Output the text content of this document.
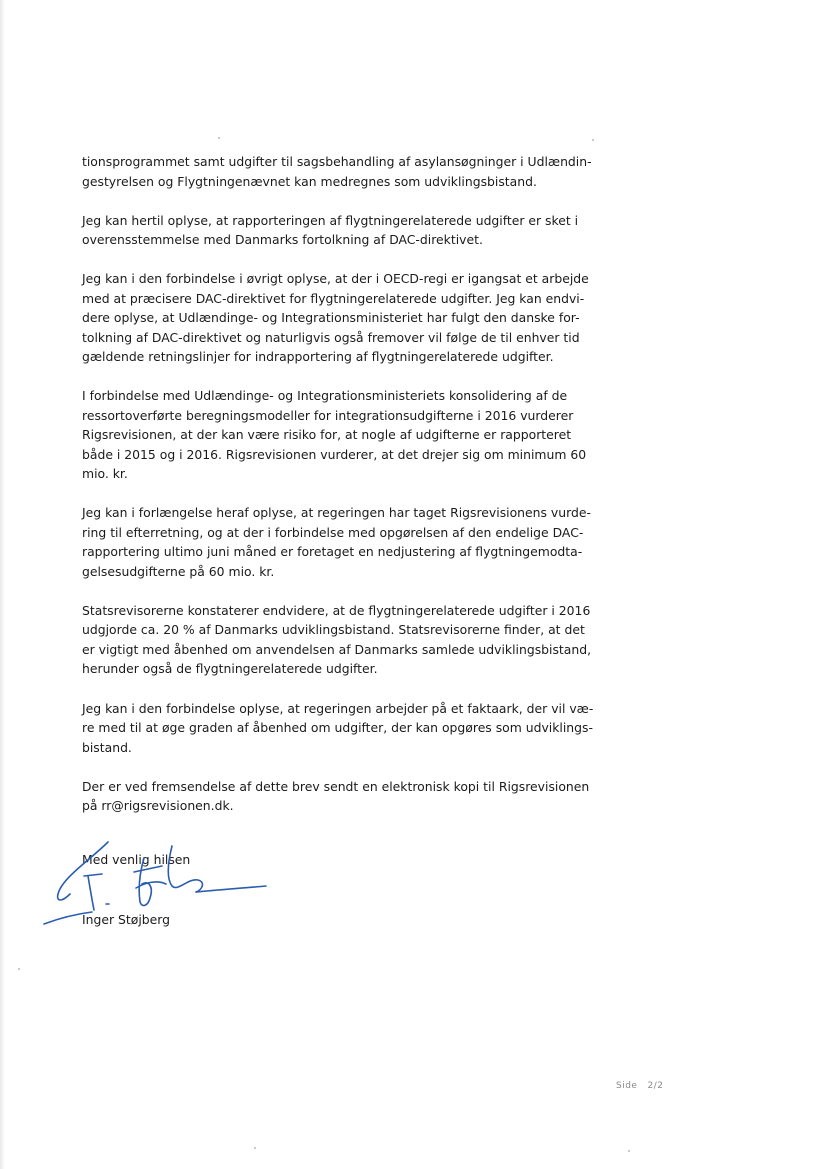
tionsprogrammet samt udgifter til sagsbehandling af asylansøgninger i Udlændin-
gestyrelsen og Flygtningenævnet kan medregnes som udviklingsbistand.

Jeg kan hertil oplyse, at rapporteringen af flygtningerelaterede udgifter er sket i
overensstemmelse med Danmarks fortolkning af DAC-direktivet.

Jeg kan i den forbindelse i øvrigt oplyse, at der i OECD-regi er igangsat et arbejde
med at præcisere DAC-direktivet for flygtningerelaterede udgifter. Jeg kan endvi-
dere oplyse, at Udlændinge- og Integrationsministeriet har fulgt den danske for-
tolkning af DAC-direktivet og naturligvis også fremover vil følge de til enhver tid
gældende retningslinjer for indrapportering af flygtningerelaterede udgifter.

I forbindelse med Udlændinge- og Integrationsministeriets konsolidering af de
ressortoverførte beregningsmodeller for integrationsudgifterne i 2016 vurderer
Rigsrevisionen, at der kan være risiko for, at nogle af udgifterne er rapporteret
både i 2015 og i 2016. Rigsrevisionen vurderer, at det drejer sig om minimum 60
mio. kr.

Jeg kan i forlængelse heraf oplyse, at regeringen har taget Rigsrevisionens vurde-
ring til efterretning, og at der i forbindelse med opgørelsen af den endelige DAC-
rapportering ultimo juni måned er foretaget en nedjustering af flygtningemodta-
gelsesudgifterne på 60 mio. kr.

Statsrevisorerne konstaterer endvidere, at de flygtningerelaterede udgifter i 2016
udgjorde ca. 20 % af Danmarks udviklingsbistand. Statsrevisorerne finder, at det
er vigtigt med åbenhed om anvendelsen af Danmarks samlede udviklingsbistand,
herunder også de flygtningerelaterede udgifter.

Jeg kan i den forbindelse oplyse, at regeringen arbejder på et faktaark, der vil væ-
re med til at øge graden af åbenhed om udgifter, der kan opgøres som udviklings-
bistand.

Der er ved fremsendelse af dette brev sendt en elektronisk kopi til Rigsrevisionen
på rr@rigsrevisionen.dk.

Med venlig hilsen
Inger Støjberg
Side 2/2
